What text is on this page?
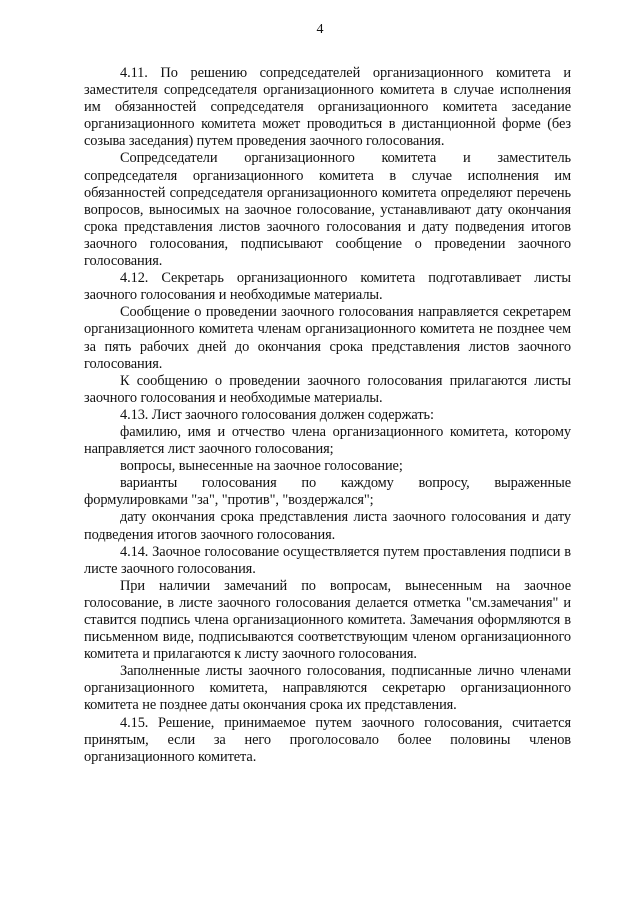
4

4.11. По решению сопредседателей организационного комитета и заместителя сопредседателя организационного комитета в случае исполнения им обязанностей сопредседателя организационного комитета заседание организационного комитета может проводиться в дистанционной форме (без созыва заседания) путем проведения заочного голосования.

Сопредседатели организационного комитета и заместитель сопредседателя организационного комитета в случае исполнения им обязанностей сопредседателя организационного комитета определяют перечень вопросов, выносимых на заочное голосование, устанавливают дату окончания срока представления листов заочного голосования и дату подведения итогов заочного голосования, подписывают сообщение о проведении заочного голосования.

4.12. Секретарь организационного комитета подготавливает листы заочного голосования и необходимые материалы.

Сообщение о проведении заочного голосования направляется секретарем организационного комитета членам организационного комитета не позднее чем за пять рабочих дней до окончания срока представления листов заочного голосования.

К сообщению о проведении заочного голосования прилагаются листы заочного голосования и необходимые материалы.

4.13. Лист заочного голосования должен содержать:

фамилию, имя и отчество члена организационного комитета, которому направляется лист заочного голосования;

вопросы, вынесенные на заочное голосование;

варианты голосования по каждому вопросу, выраженные формулировками "за", "против", "воздержался";

дату окончания срока представления листа заочного голосования и дату подведения итогов заочного голосования.

4.14. Заочное голосование осуществляется путем проставления подписи в листе заочного голосования.

При наличии замечаний по вопросам, вынесенным на заочное голосование, в листе заочного голосования делается отметка "см.замечания" и ставится подпись члена организационного комитета. Замечания оформляются в письменном виде, подписываются соответствующим членом организационного комитета и прилагаются к листу заочного голосования.

Заполненные листы заочного голосования, подписанные лично членами организационного комитета, направляются секретарю организационного комитета не позднее даты окончания срока их представления.

4.15. Решение, принимаемое путем заочного голосования, считается принятым, если за него проголосовало более половины членов организационного комитета.
